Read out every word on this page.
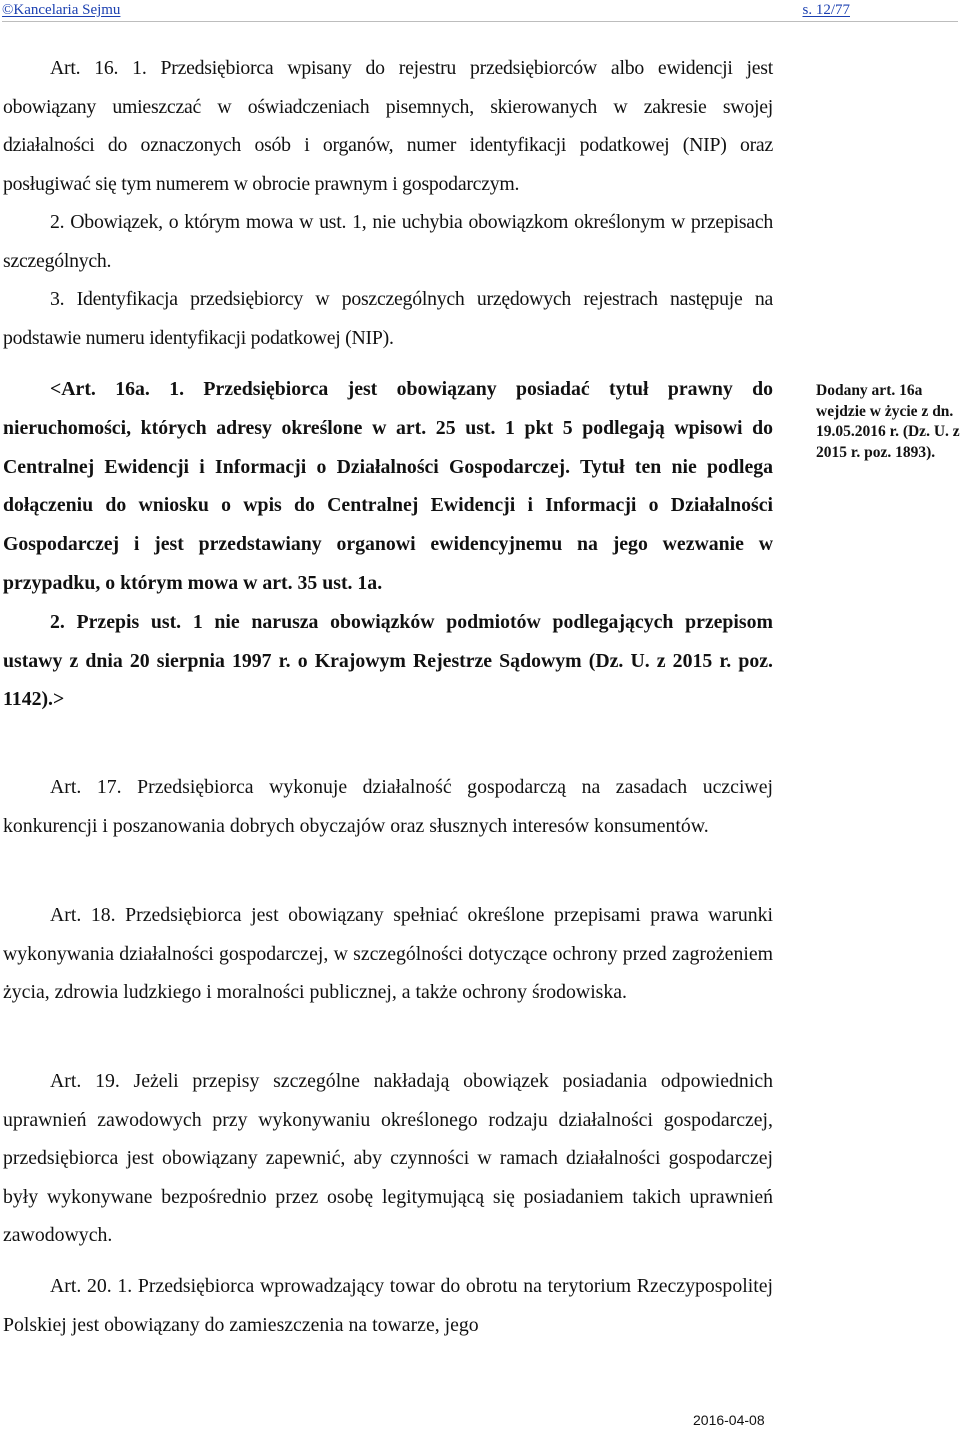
©Kancelaria Sejmu	s. 12/77

Art. 16. 1. Przedsiębiorca wpisany do rejestru przedsiębiorców albo ewidencji jest obowiązany umieszczać w oświadczeniach pisemnych, skierowanych w zakresie swojej działalności do oznaczonych osób i organów, numer identyfikacji podatkowej (NIP) oraz posługiwać się tym numerem w obrocie prawnym i gospodarczym.

2. Obowiązek, o którym mowa w ust. 1, nie uchybia obowiązkom określonym w przepisach szczególnych.

3. Identyfikacja przedsiębiorcy w poszczególnych urzędowych rejestrach następuje na podstawie numeru identyfikacji podatkowej (NIP).

<Art. 16a. 1. Przedsiębiorca jest obowiązany posiadać tytuł prawny do nieruchomości, których adresy określone w art. 25 ust. 1 pkt 5 podlegają wpisowi do Centralnej Ewidencji i Informacji o Działalności Gospodarczej. Tytuł ten nie podlega dołączeniu do wniosku o wpis do Centralnej Ewidencji i Informacji o Działalności Gospodarczej i jest przedstawiany organowi ewidencyjnemu na jego wezwanie w przypadku, o którym mowa w art. 35 ust. 1a.

2. Przepis ust. 1 nie narusza obowiązków podmiotów podlegających przepisom ustawy z dnia 20 sierpnia 1997 r. o Krajowym Rejestrze Sądowym (Dz. U. z 2015 r. poz. 1142).>

Dodany art. 16a wejdzie w życie z dn. 19.05.2016 r. (Dz. U. z 2015 r. poz. 1893).

Art. 17. Przedsiębiorca wykonuje działalność gospodarczą na zasadach uczciwej konkurencji i poszanowania dobrych obyczajów oraz słusznych interesów konsumentów.

Art. 18. Przedsiębiorca jest obowiązany spełniać określone przepisami prawa warunki wykonywania działalności gospodarczej, w szczególności dotyczące ochrony przed zagrożeniem życia, zdrowia ludzkiego i moralności publicznej, a także ochrony środowiska.

Art. 19. Jeżeli przepisy szczególne nakładają obowiązek posiadania odpowiednich uprawnień zawodowych przy wykonywaniu określonego rodzaju działalności gospodarczej, przedsiębiorca jest obowiązany zapewnić, aby czynności w ramach działalności gospodarczej były wykonywane bezpośrednio przez osobę legitymującą się posiadaniem takich uprawnień zawodowych.

Art. 20. 1. Przedsiębiorca wprowadzający towar do obrotu na terytorium Rzeczypospolitej Polskiej jest obowiązany do zamieszczenia na towarze, jego

2016-04-08
